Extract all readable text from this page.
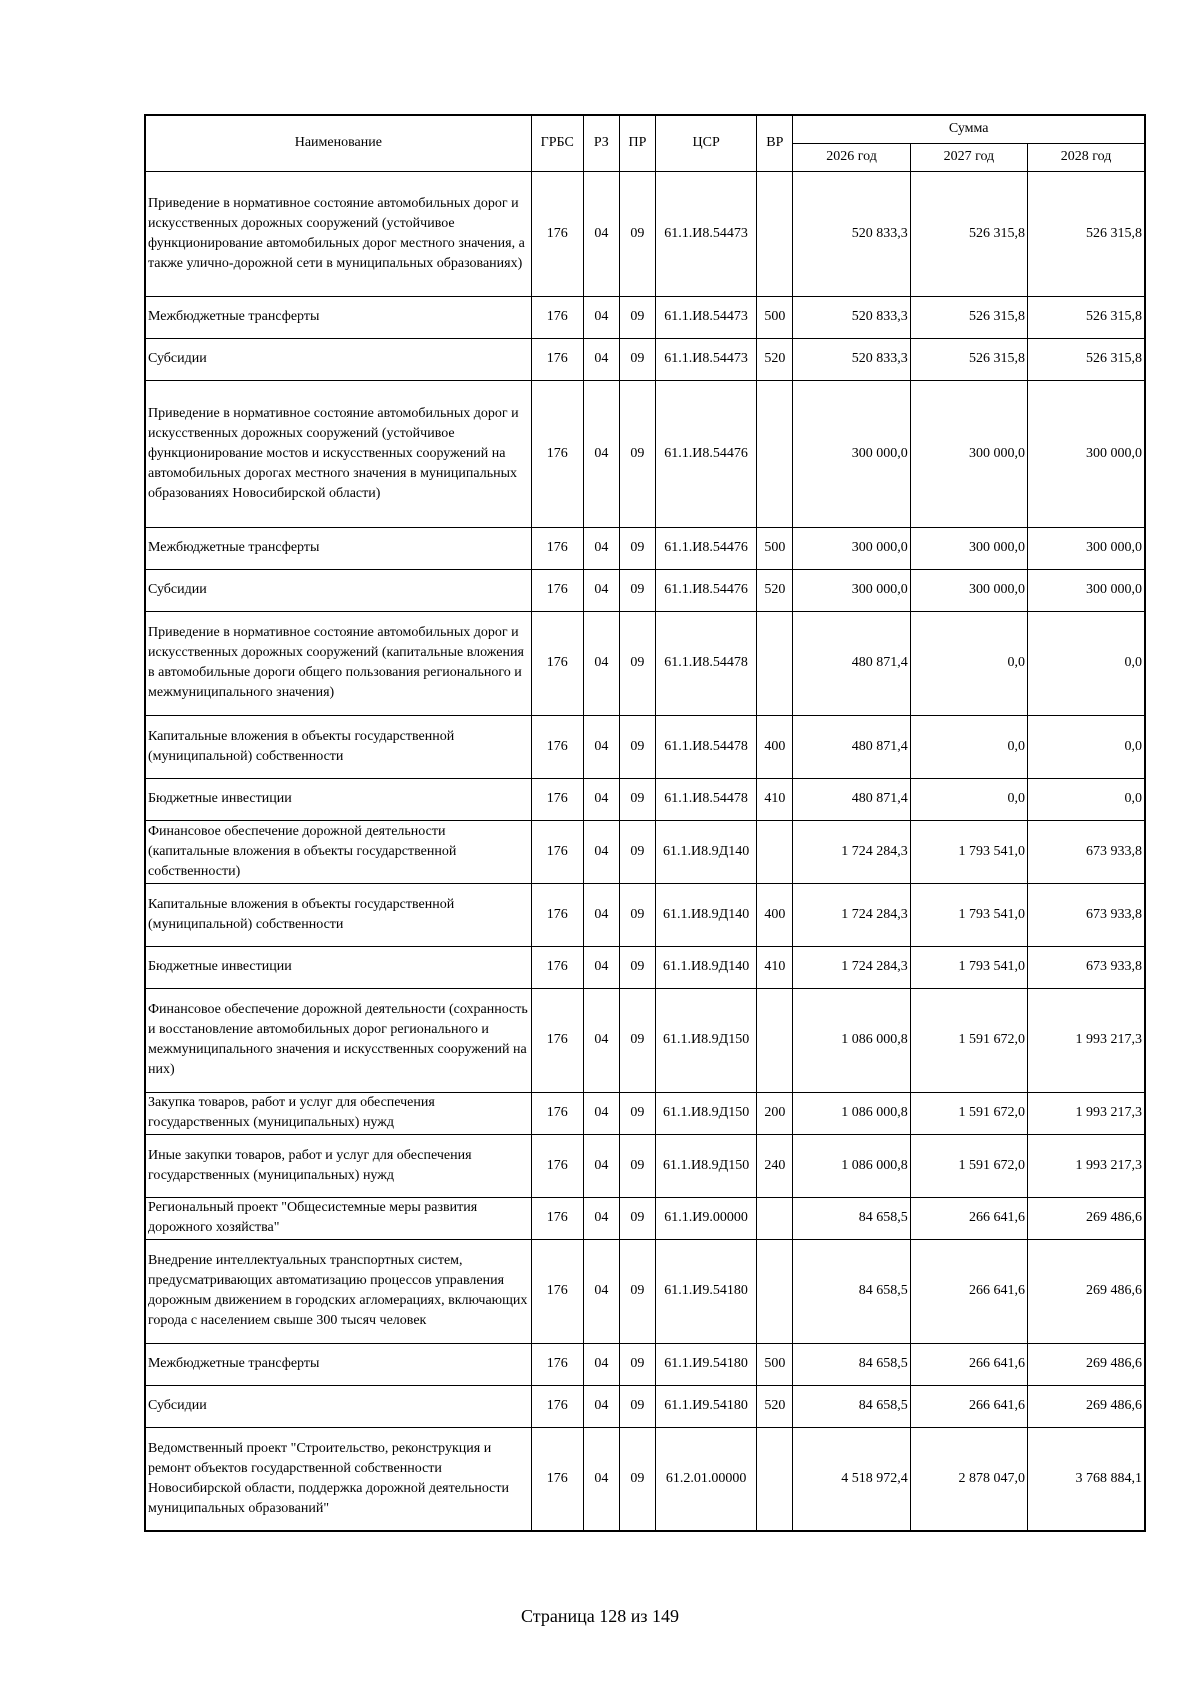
Наименование	ГРБС	РЗ	ПР	ЦСР	ВР	Сумма		
						2026 год	2027 год	2028 год
Приведение в нормативное состояние автомобильных дорог и искусственных дорожных сооружений (устойчивое функционирование автомобильных дорог местного значения, а также улично-дорожной сети в муниципальных образованиях)	176	04	09	61.1.И8.54473		520 833,3	526 315,8	526 315,8
Межбюджетные трансферты	176	04	09	61.1.И8.54473	500	520 833,3	526 315,8	526 315,8
Субсидии	176	04	09	61.1.И8.54473	520	520 833,3	526 315,8	526 315,8
Приведение в нормативное состояние автомобильных дорог и искусственных дорожных сооружений (устойчивое функционирование мостов и искусственных сооружений на автомобильных дорогах местного значения в муниципальных образованиях Новосибирской области)	176	04	09	61.1.И8.54476		300 000,0	300 000,0	300 000,0
Межбюджетные трансферты	176	04	09	61.1.И8.54476	500	300 000,0	300 000,0	300 000,0
Субсидии	176	04	09	61.1.И8.54476	520	300 000,0	300 000,0	300 000,0
Приведение в нормативное состояние автомобильных дорог и искусственных дорожных сооружений (капитальные вложения в автомобильные дороги общего пользования регионального и межмуниципального значения)	176	04	09	61.1.И8.54478		480 871,4	0,0	0,0
Капитальные вложения в объекты государственной (муниципальной) собственности	176	04	09	61.1.И8.54478	400	480 871,4	0,0	0,0
Бюджетные инвестиции	176	04	09	61.1.И8.54478	410	480 871,4	0,0	0,0
Финансовое обеспечение дорожной деятельности (капитальные вложения в объекты государственной собственности)	176	04	09	61.1.И8.9Д140		1 724 284,3	1 793 541,0	673 933,8
Капитальные вложения в объекты государственной (муниципальной) собственности	176	04	09	61.1.И8.9Д140	400	1 724 284,3	1 793 541,0	673 933,8
Бюджетные инвестиции	176	04	09	61.1.И8.9Д140	410	1 724 284,3	1 793 541,0	673 933,8
Финансовое обеспечение дорожной деятельности (сохранность и восстановление автомобильных дорог регионального и межмуниципального значения и искусственных сооружений на них)	176	04	09	61.1.И8.9Д150		1 086 000,8	1 591 672,0	1 993 217,3
Закупка товаров, работ и услуг для обеспечения государственных (муниципальных) нужд	176	04	09	61.1.И8.9Д150	200	1 086 000,8	1 591 672,0	1 993 217,3
Иные закупки товаров, работ и услуг для обеспечения государственных (муниципальных) нужд	176	04	09	61.1.И8.9Д150	240	1 086 000,8	1 591 672,0	1 993 217,3
Региональный проект "Общесистемные меры развития дорожного хозяйства"	176	04	09	61.1.И9.00000		84 658,5	266 641,6	269 486,6
Внедрение интеллектуальных транспортных систем, предусматривающих автоматизацию процессов управления дорожным движением в городских агломерациях, включающих города с населением свыше 300 тысяч человек	176	04	09	61.1.И9.54180		84 658,5	266 641,6	269 486,6
Межбюджетные трансферты	176	04	09	61.1.И9.54180	500	84 658,5	266 641,6	269 486,6
Субсидии	176	04	09	61.1.И9.54180	520	84 658,5	266 641,6	269 486,6
Ведомственный проект "Строительство, реконструкция и ремонт объектов государственной собственности Новосибирской области, поддержка дорожной деятельности муниципальных образований"	176	04	09	61.2.01.00000		4 518 972,4	2 878 047,0	3 768 884,1
Страница 128 из 149
